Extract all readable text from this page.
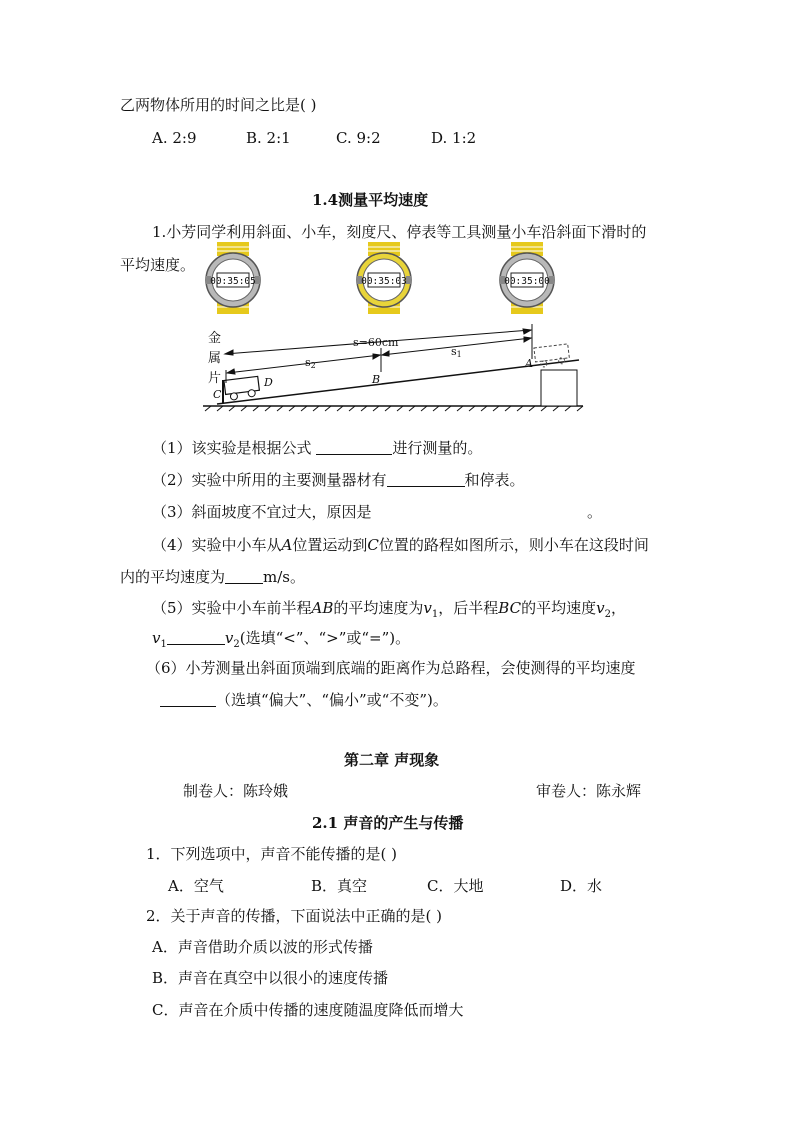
乙两物体所用的时间之比是( )
A. 2:9	B. 2:1	C. 9:2	D. 1:2
1.4测量平均速度
1.小芳同学利用斜面、小车，刻度尺、停表等工具测量小车沿斜面下滑时的
平均速度。
00:35:05	00:35:03	00:35:00
金
属
片
s=60cm
s2
s1
A
B
C
D
（1）该实验是根据公式	进行测量的。
（2）实验中所用的主要测量器材有	和停表。
（3）斜面坡度不宜过大，原因是	。
（4）实验中小车从A位置运动到C位置的路程如图所示，则小车在这段时间
内的平均速度为	m/s。
（5）实验中小车前半程AB的平均速度为$v_1$，后半程BC的平均速度$v_2$，
$v_1$	$v_2$(选填“<”、“>”或“=”)。
（6）小芳测量出斜面顶端到底端的距离作为总路程，会使测得的平均速度
（选填“偏大”、“偏小”或“不变”)。
第二章 声现象
制卷人：陈玲娥	审卷人：陈永辉
2.1 声音的产生与传播
1．下列选项中，声音不能传播的是( )
A．空气	B．真空	C．大地	D．水
2．关于声音的传播，下面说法中正确的是( )
A．声音借助介质以波的形式传播
B．声音在真空中以很小的速度传播
C．声音在介质中传播的速度随温度降低而增大
